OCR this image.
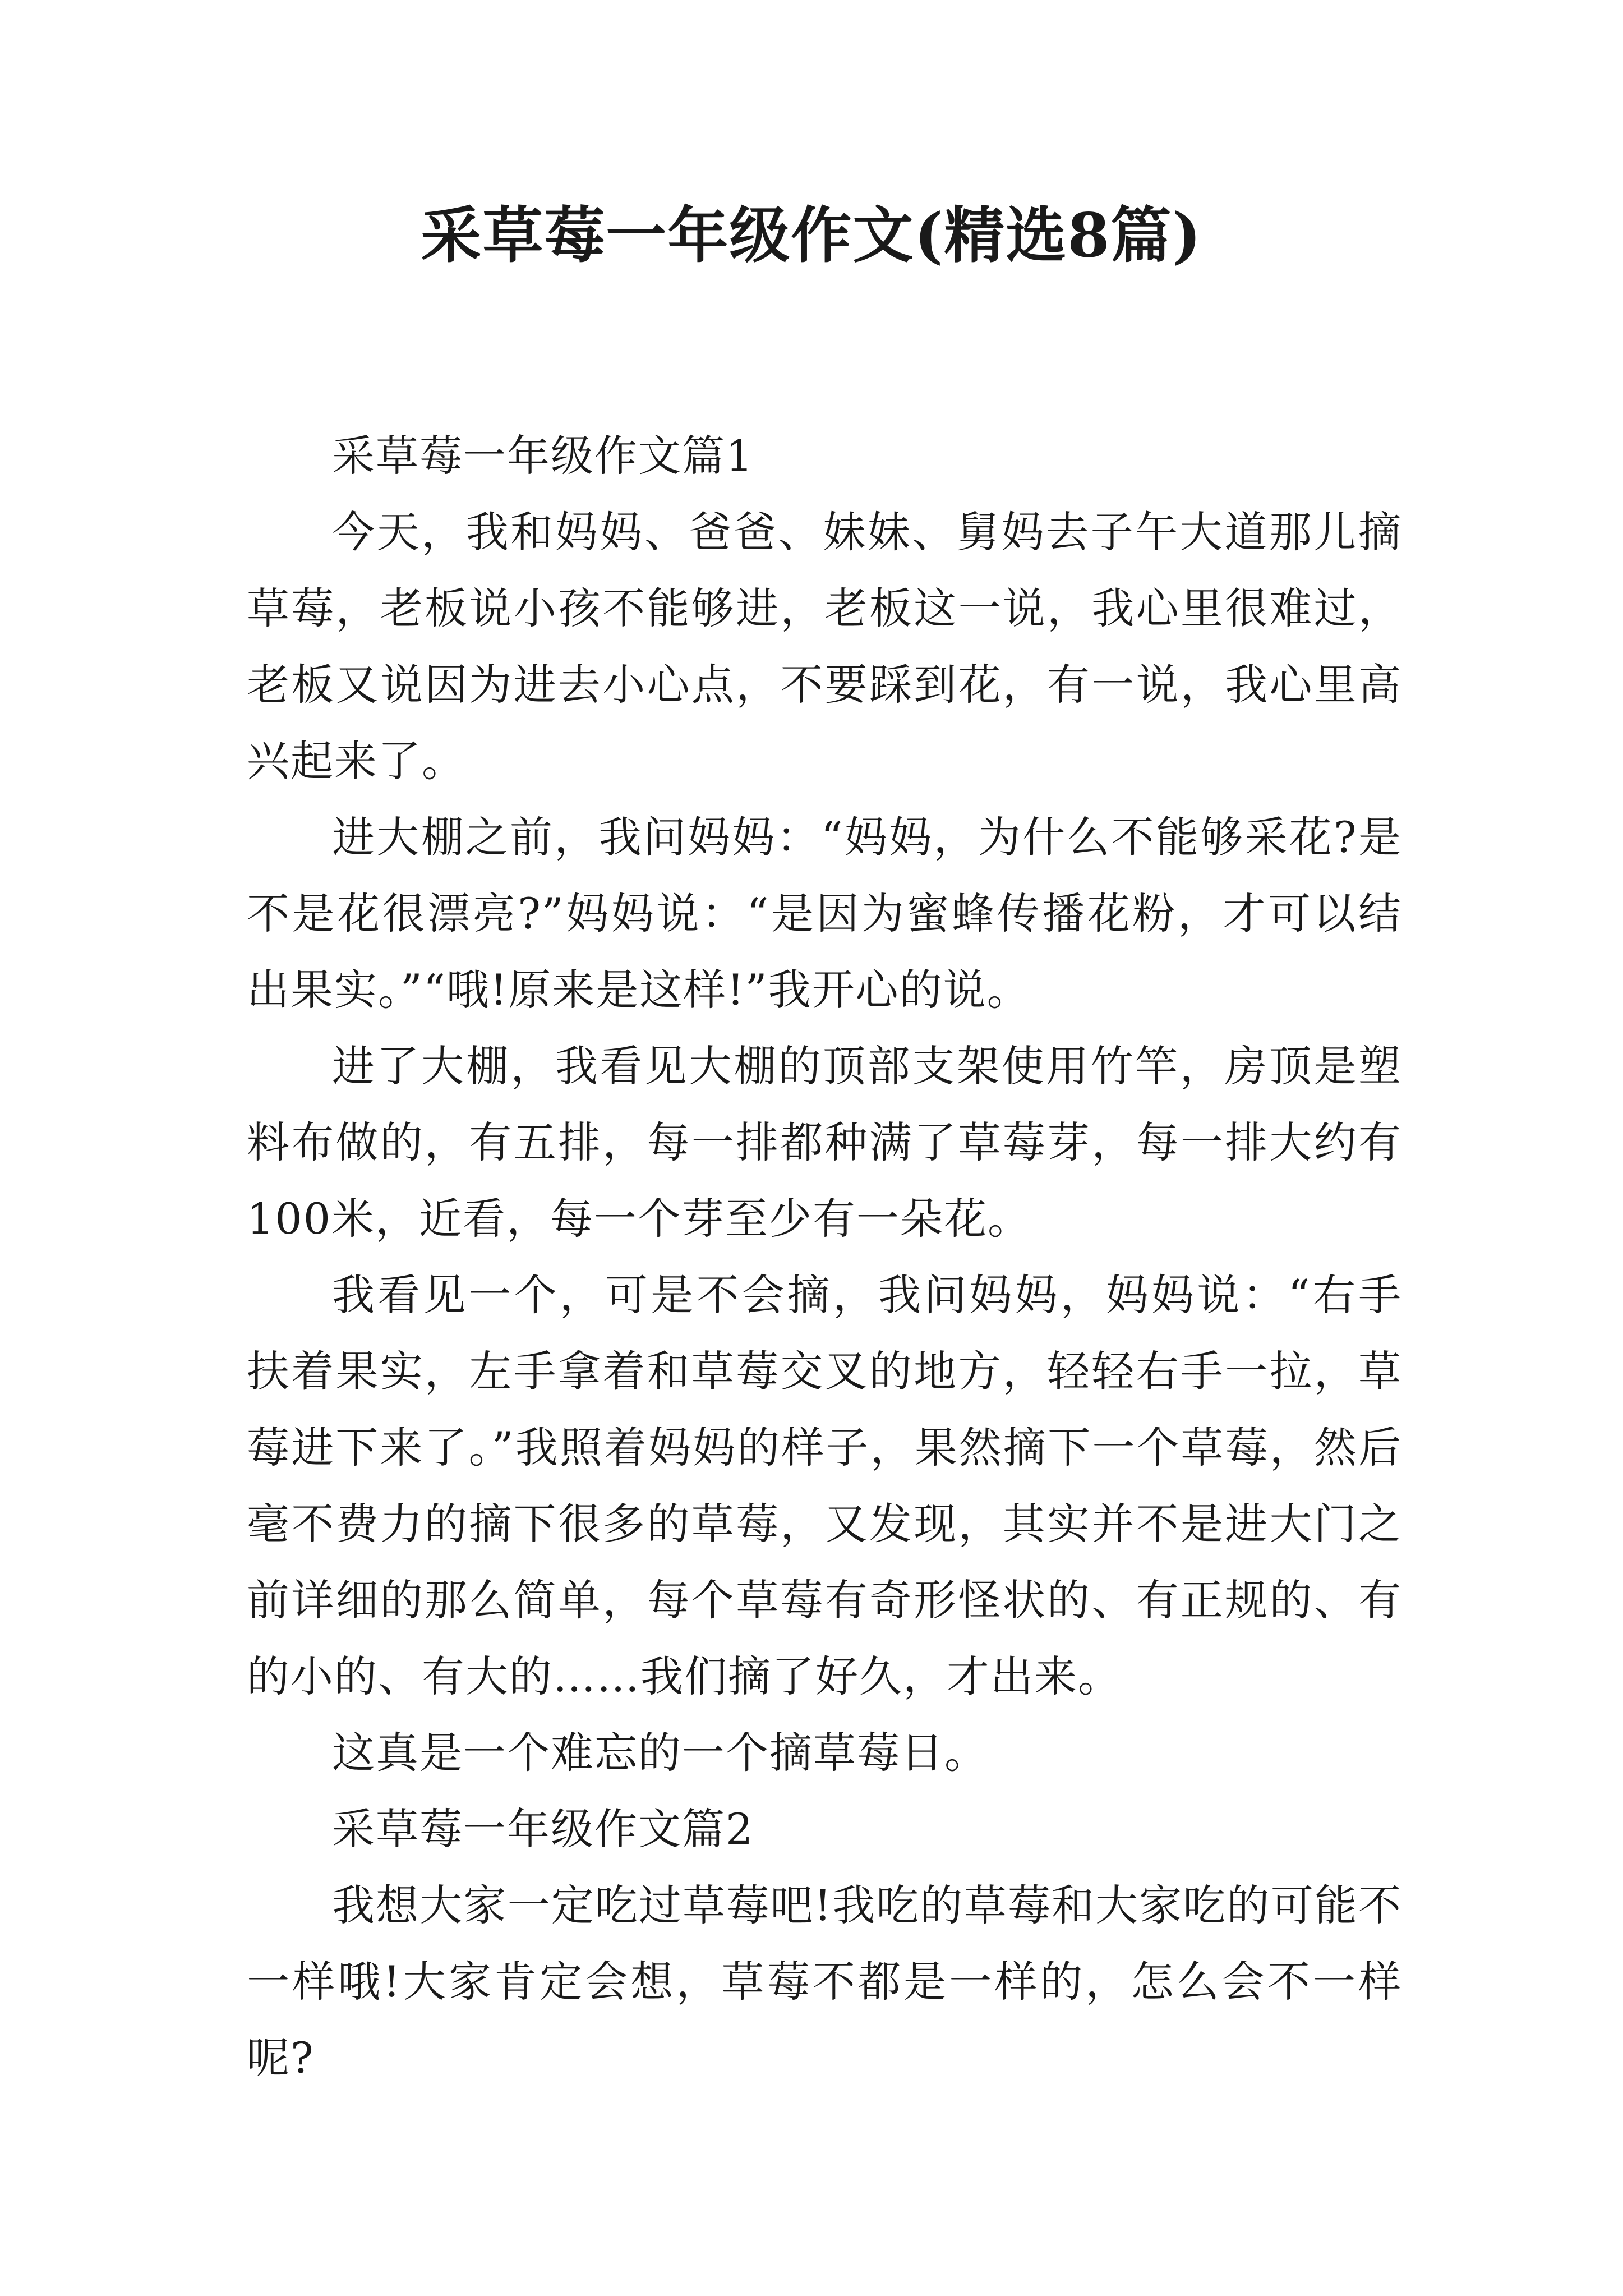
采草莓一年级作文(精选8篇)

采草莓一年级作文篇1

今天，我和妈妈、爸爸、妹妹、舅妈去子午大道那儿摘草莓，老板说小孩不能够进，老板这一说，我心里很难过，老板又说因为进去小心点，不要踩到花，有一说，我心里高兴起来了。

进大棚之前，我问妈妈：“妈妈，为什么不能够采花?是不是花很漂亮?”妈妈说：“是因为蜜蜂传播花粉，才可以结出果实。”“哦!原来是这样!”我开心的说。

进了大棚，我看见大棚的顶部支架使用竹竿，房顶是塑料布做的，有五排，每一排都种满了草莓芽，每一排大约有100米，近看，每一个芽至少有一朵花。

我看见一个，可是不会摘，我问妈妈，妈妈说：“右手扶着果实，左手拿着和草莓交叉的地方，轻轻右手一拉，草莓进下来了。”我照着妈妈的样子，果然摘下一个草莓，然后毫不费力的摘下很多的草莓，又发现，其实并不是进大门之前详细的那么简单，每个草莓有奇形怪状的、有正规的、有的小的、有大的……我们摘了好久，才出来。

这真是一个难忘的一个摘草莓日。

采草莓一年级作文篇2

我想大家一定吃过草莓吧!我吃的草莓和大家吃的可能不一样哦!大家肯定会想，草莓不都是一样的，怎么会不一样呢?
